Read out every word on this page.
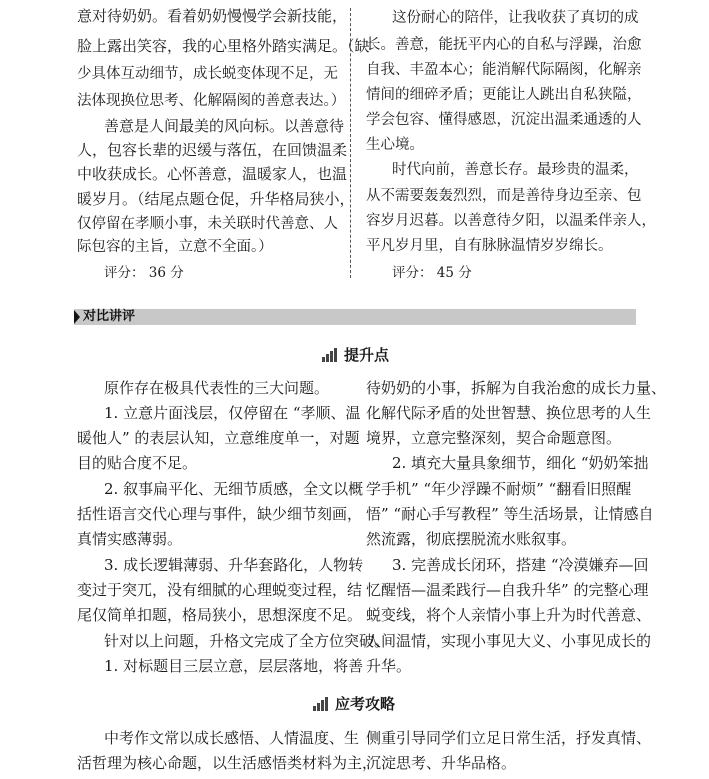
意对待奶奶。看着奶奶慢慢学会新技能，
脸上露出笑容，我的心里格外踏实满足。（缺
少具体互动细节，成长蜕变体现不足，无
法体现换位思考、化解隔阂的善意表达。）
善意是人间最美的风向标。以善意待
人，包容长辈的迟缓与落伍，在回馈温柔
中收获成长。心怀善意，温暖家人，也温
暖岁月。（结尾点题仓促，升华格局狭小，
仅停留在孝顺小事，未关联时代善意、人
际包容的主旨，立意不全面。）
评分： 36 分
这份耐心的陪伴，让我收获了真切的成
长。善意，能抚平内心的自私与浮躁，治愈
自我、丰盈本心；能消解代际隔阂，化解亲
情间的细碎矛盾；更能让人跳出自私狭隘，
学会包容、懂得感恩，沉淀出温柔通透的人
生心境。
时代向前，善意长存。最珍贵的温柔，
从不需要轰轰烈烈，而是善待身边至亲、包
容岁月迟暮。以善意待夕阳，以温柔伴亲人，
平凡岁月里，自有脉脉温情岁岁绵长。
评分： 45 分
对比讲评
提升点
原作存在极具代表性的三大问题。
1. 立意片面浅层，仅停留在 “孝顺、温
暖他人” 的表层认知，立意维度单一，对题
目的贴合度不足。
2. 叙事扁平化、无细节质感，全文以概
括性语言交代心理与事件，缺少细节刻画，
真情实感薄弱。
3. 成长逻辑薄弱、升华套路化，人物转
变过于突兀，没有细腻的心理蜕变过程，结
尾仅简单扣题，格局狭小，思想深度不足。
针对以上问题，升格文完成了全方位突破。
1. 对标题目三层立意，层层落地，将善
待奶奶的小事，拆解为自我治愈的成长力量、
化解代际矛盾的处世智慧、换位思考的人生
境界，立意完整深刻，契合命题意图。
2. 填充大量具象细节，细化 “奶奶笨拙
学手机” “年少浮躁不耐烦” “翻看旧照醒
悟” “耐心手写教程” 等生活场景，让情感自
然流露，彻底摆脱流水账叙事。
3. 完善成长闭环，搭建 “冷漠嫌弃—回
忆醒悟—温柔践行—自我升华” 的完整心理
蜕变线，将个人亲情小事上升为时代善意、
人间温情，实现小事见大义、小事见成长的
升华。
应考攻略
中考作文常以成长感悟、人情温度、生
活哲理为核心命题，以生活感悟类材料为主，
侧重引导同学们立足日常生活，抒发真情、
沉淀思考、升华品格。
